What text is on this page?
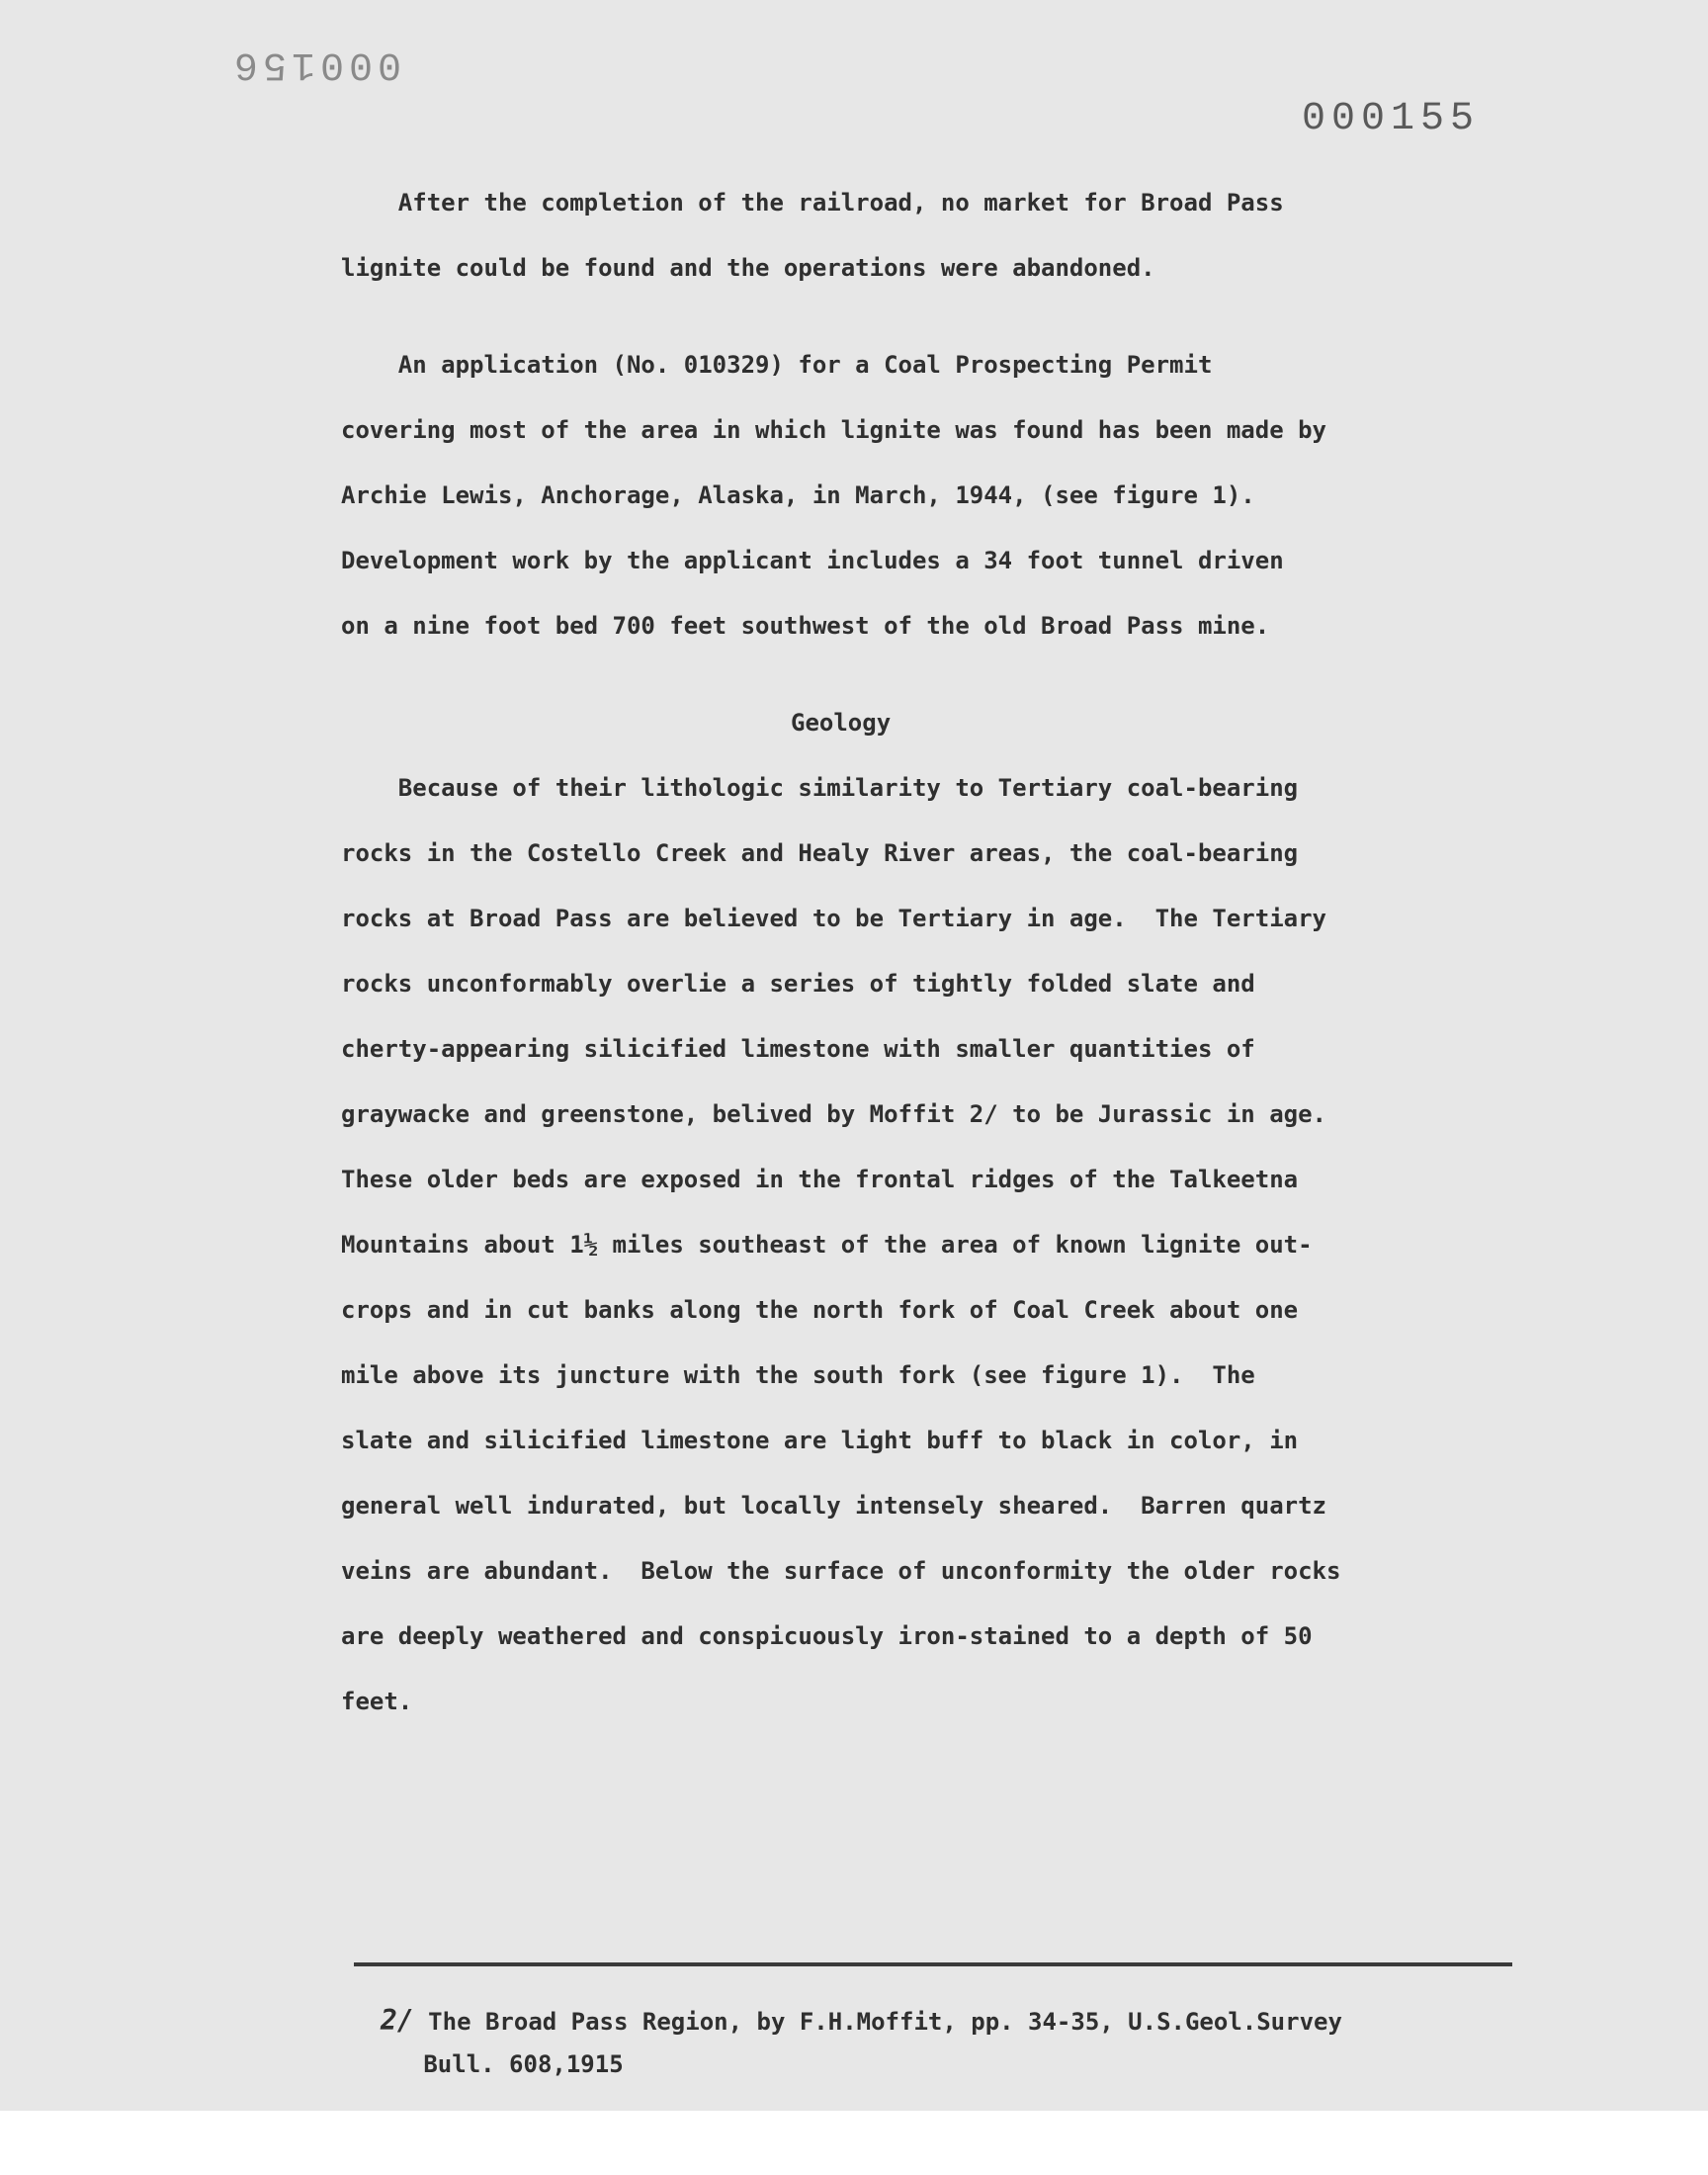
000156
000155
After the completion of the railroad, no market for Broad Pass
lignite could be found and the operations were abandoned.
An application (No. 010329) for a Coal Prospecting Permit
covering most of the area in which lignite was found has been made by
Archie Lewis, Anchorage, Alaska, in March, 1944, (see figure 1).
Development work by the applicant includes a 34 foot tunnel driven
on a nine foot bed 700 feet southwest of the old Broad Pass mine.
Geology
Because of their lithologic similarity to Tertiary coal-bearing
rocks in the Costello Creek and Healy River areas, the coal-bearing
rocks at Broad Pass are believed to be Tertiary in age.  The Tertiary
rocks unconformably overlie a series of tightly folded slate and
cherty-appearing silicified limestone with smaller quantities of
graywacke and greenstone, belived by Moffit 2/ to be Jurassic in age.
These older beds are exposed in the frontal ridges of the Talkeetna
Mountains about 1½ miles southeast of the area of known lignite out-
crops and in cut banks along the north fork of Coal Creek about one
mile above its juncture with the south fork (see figure 1).  The
slate and silicified limestone are light buff to black in color, in
general well indurated, but locally intensely sheared.  Barren quartz
veins are abundant.  Below the surface of unconformity the older rocks
are deeply weathered and conspicuously iron-stained to a depth of 50
feet.
2/ The Broad Pass Region, by F.H.Moffit, pp. 34-35, U.S.Geol.Survey
Bull. 608,1915
